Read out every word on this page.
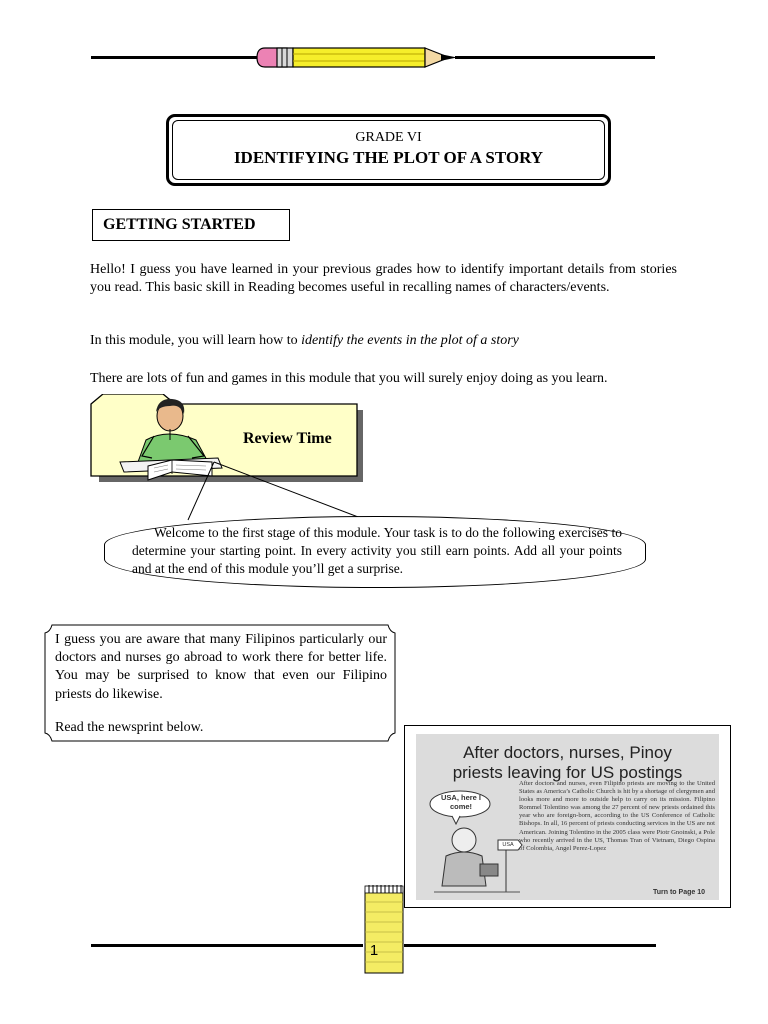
GRADE VI
IDENTIFYING THE PLOT OF A STORY
GETTING STARTED
Hello! I guess you have learned in your previous grades how to identify important details from stories you read. This basic skill in Reading becomes useful in recalling names of characters/events.
In this module, you will learn how to identify the events in the plot of a story
There are lots of fun and games in this module that you will surely enjoy doing as you learn.
Review Time
Welcome to the first stage of this module. Your task is to do the following exercises to determine your starting point. In every activity you still earn points. Add all your points and at the end of this module you’ll get a surprise.
I guess you are aware that many Filipinos particularly our doctors and nurses go abroad to work there for better life. You may be surprised to know that even our Filipino priests do likewise.
Read the newsprint below.
After doctors, nurses, Pinoy
priests leaving for US postings
USA, here I come!
USA
After doctors and nurses, even Filipino priests are moving to the United States as America’s Catholic Church is hit by a shortage of clergymen and looks more and more to outside help to carry on its mission. Filipino Rommel Tolentino was among the 27 percent of new priests ordained this year who are foreign-born, according to the US Conference of Catholic Bishops. In all, 16 percent of priests conducting services in the US are not American. Joining Tolentino in the 2005 class were Piotr Gnoinski, a Pole who recently arrived in the US, Thomas Tran of Vietnam, Diego Ospina of Colombia, Angel Perez-Lopez
Turn to Page 10
1
